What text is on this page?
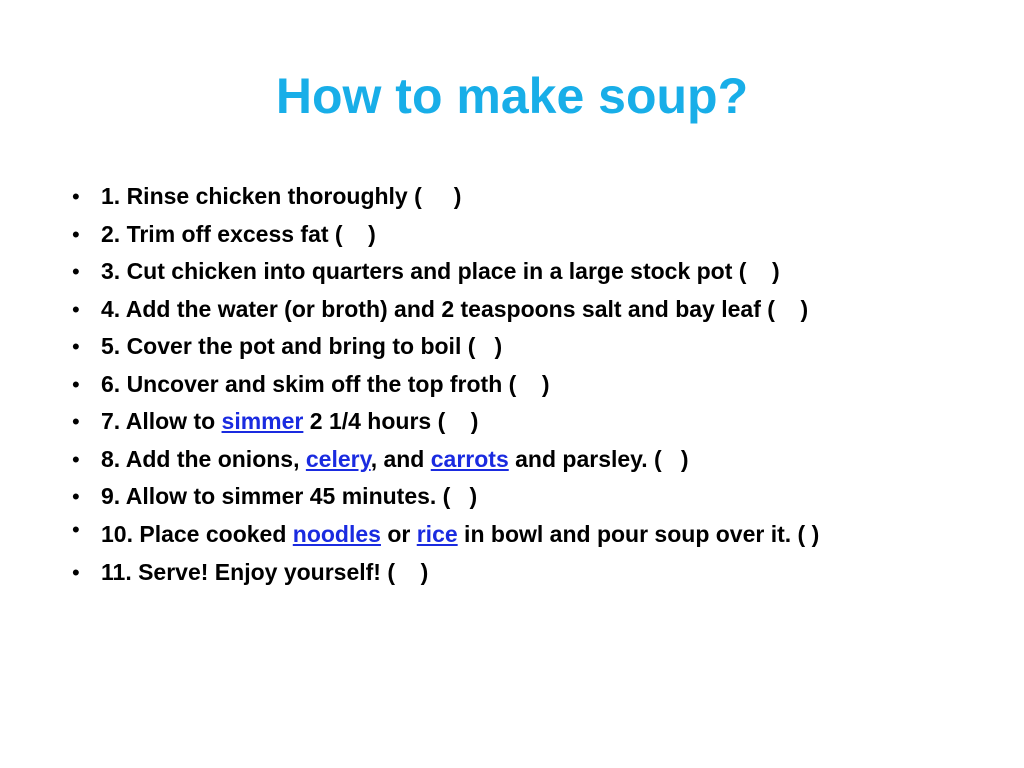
How to make soup?
• 1. Rinse chicken thoroughly (     )
• 2. Trim off excess fat (    )
• 3. Cut chicken into quarters and place in a large stock pot (    )
• 4. Add the water (or broth) and 2 teaspoons salt and bay leaf (    )
• 5. Cover the pot and bring to boil (   )
• 6. Uncover and skim off the top froth (    )
• 7. Allow to simmer 2 1/4 hours (    )
• 8. Add the onions, celery, and carrots and parsley. (   )
• 9. Allow to simmer 45 minutes. (   )
• 10. Place cooked noodles or rice in bowl and pour soup over it. ( )
• 11. Serve! Enjoy yourself! (    )
